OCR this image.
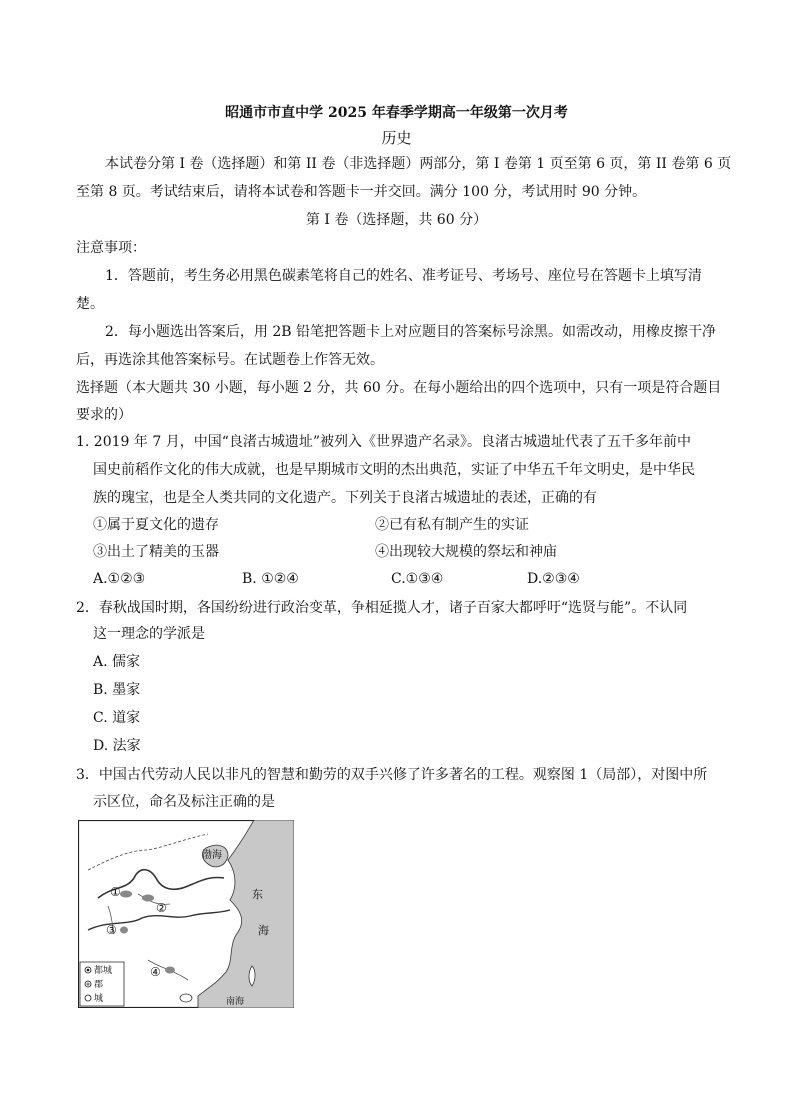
昭通市市直中学 2025 年春季学期高一年级第一次月考
历史
本试卷分第 I 卷（选择题）和第 II 卷（非选择题）两部分，第 I 卷第 1 页至第 6 页，第 II 卷第 6 页
至第 8 页。考试结束后，请将本试卷和答题卡一并交回。满分 100 分，考试用时 90 分钟。
第 I 卷（选择题，共 60 分）
注意事项：
1．答题前，考生务必用黑色碳素笔将自己的姓名、准考证号、考场号、座位号在答题卡上填写清
楚。
2．每小题选出答案后，用 2B 铅笔把答题卡上对应题目的答案标号涂黑。如需改动，用橡皮擦干净
后，再选涂其他答案标号。在试题卷上作答无效。
选择题（本大题共 30 小题，每小题 2 分，共 60 分。在每小题给出的四个选项中，只有一项是符合题目
要求的）
1. 2019 年 7 月，中国“良渚古城遗址”被列入《世界遗产名录》。良渚古城遗址代表了五千多年前中
国史前稻作文化的伟大成就，也是早期城市文明的杰出典范，实证了中华五千年文明史，是中华民
族的瑰宝，也是全人类共同的文化遗产。下列关于良渚古城遗址的表述，正确的有
①属于夏文化的遗存	②已有私有制产生的实证
③出土了精美的玉器	④出现较大规模的祭坛和神庙
A.①②③	B. ①②④	C.①③④	D.②③④
2．春秋战国时期，各国纷纷进行政治变革，争相延揽人才，诸子百家大都呼吁“选贤与能”。不认同
这一理念的学派是
A. 儒家
B. 墨家
C. 道家
D. 法家
3．中国古代劳动人民以非凡的智慧和勤劳的双手兴修了许多著名的工程。观察图 1（局部），对图中所
示区位，命名及标注正确的是
渤海
东
海
南海
①
②
③
④
都城
郡
城
